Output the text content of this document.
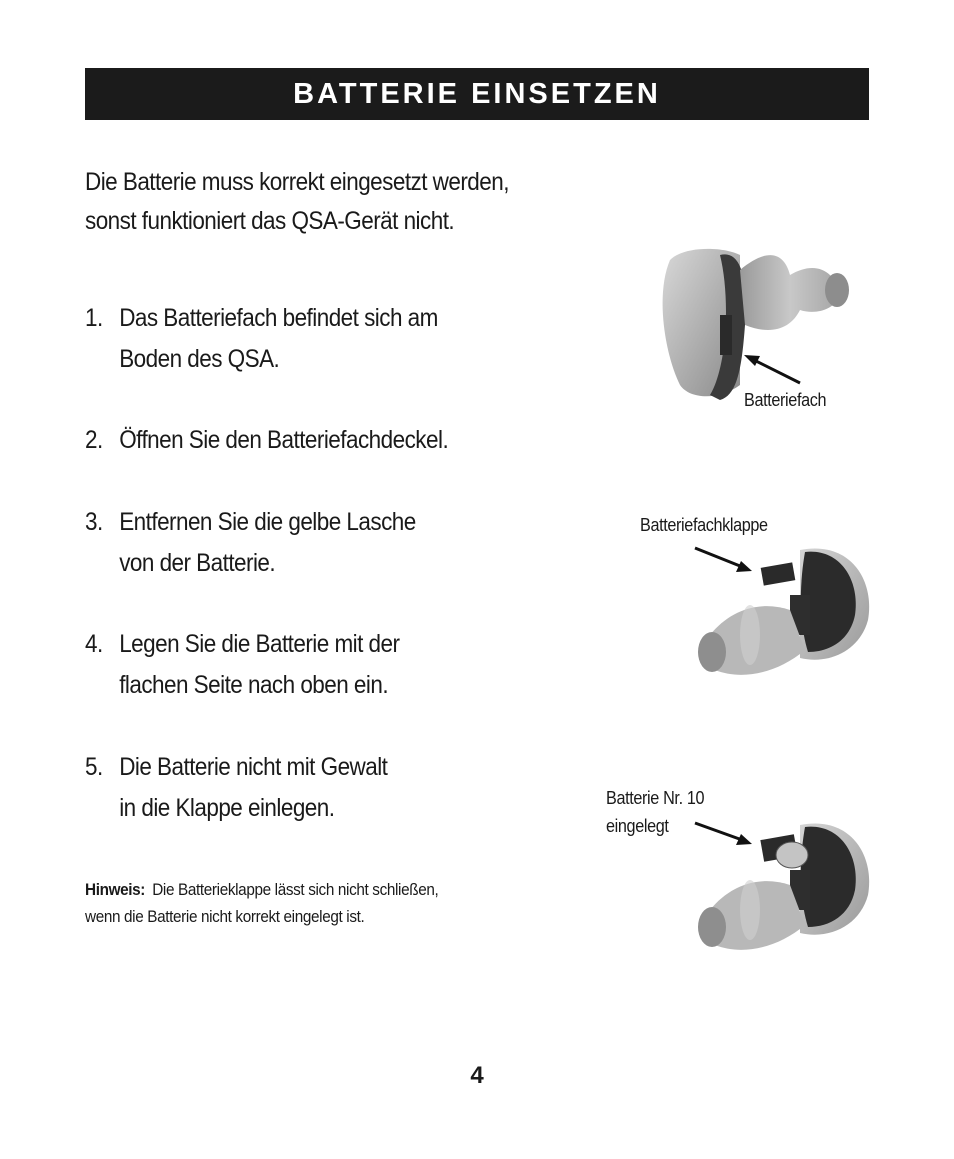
BATTERIE EINSETZEN

Die Batterie muss korrekt eingesetzt werden,

sonst funktioniert das QSA-Gerät nicht.

1. Das Batteriefach befindet sich am
Boden des QSA.
2. Öffnen Sie den Batteriefachdeckel.
3. Entfernen Sie die gelbe Lasche
von der Batterie.
4. Legen Sie die Batterie mit der
flachen Seite nach oben ein.
5. Die Batterie nicht mit Gewalt
in die Klappe einlegen.
Hinweis: Die Batterieklappe lässt sich nicht schließen,
wenn die Batterie nicht korrekt eingelegt ist.
Batteriefach
Batteriefachklappe
Batterie Nr. 10
eingelegt
4
